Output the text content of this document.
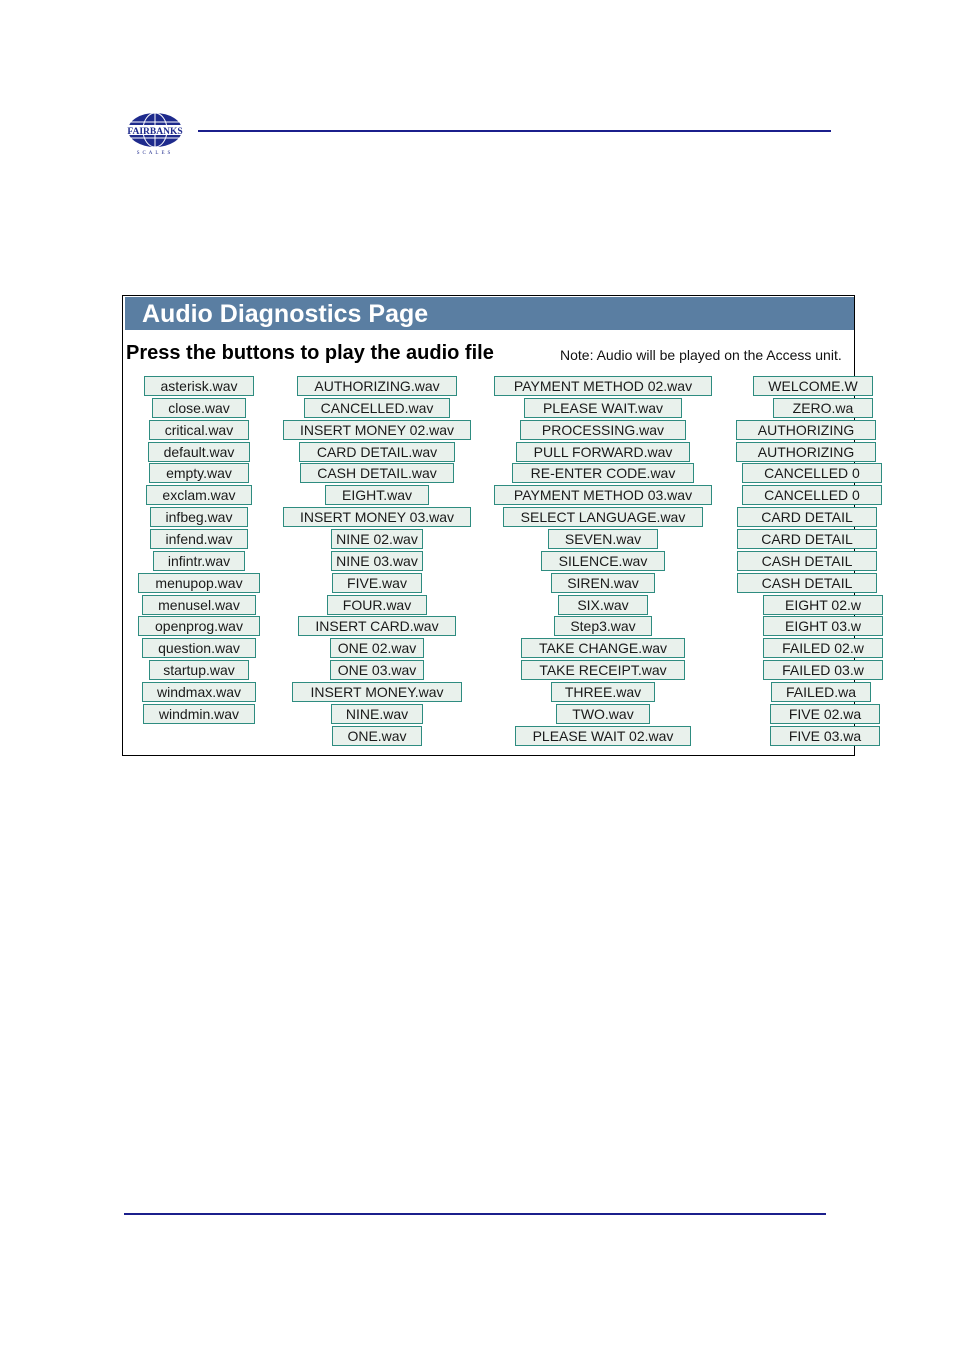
FAIRBANKS
SCALES
Audio Diagnostics Page
Press the buttons to play the audio file	Note: Audio will be played on the Access unit.
asterisk.wav
close.wav
critical.wav
default.wav
empty.wav
exclam.wav
infbeg.wav
infend.wav
infintr.wav
menupop.wav
menusel.wav
openprog.wav
question.wav
startup.wav
windmax.wav
windmin.wav
AUTHORIZING.wav
CANCELLED.wav
INSERT MONEY 02.wav
CARD DETAIL.wav
CASH DETAIL.wav
EIGHT.wav
INSERT MONEY 03.wav
NINE 02.wav
NINE 03.wav
FIVE.wav
FOUR.wav
INSERT CARD.wav
ONE 02.wav
ONE 03.wav
INSERT MONEY.wav
NINE.wav
ONE.wav
PAYMENT METHOD 02.wav
PLEASE WAIT.wav
PROCESSING.wav
PULL FORWARD.wav
RE-ENTER CODE.wav
PAYMENT METHOD 03.wav
SELECT LANGUAGE.wav
SEVEN.wav
SILENCE.wav
SIREN.wav
SIX.wav
Step3.wav
TAKE CHANGE.wav
TAKE RECEIPT.wav
THREE.wav
TWO.wav
PLEASE WAIT 02.wav
WELCOME.W
ZERO.wa
AUTHORIZING
AUTHORIZING
CANCELLED 0
CANCELLED 0
CARD DETAIL
CARD DETAIL
CASH DETAIL
CASH DETAIL
EIGHT 02.w
EIGHT 03.w
FAILED 02.w
FAILED 03.w
FAILED.wa
FIVE 02.wa
FIVE 03.wa
